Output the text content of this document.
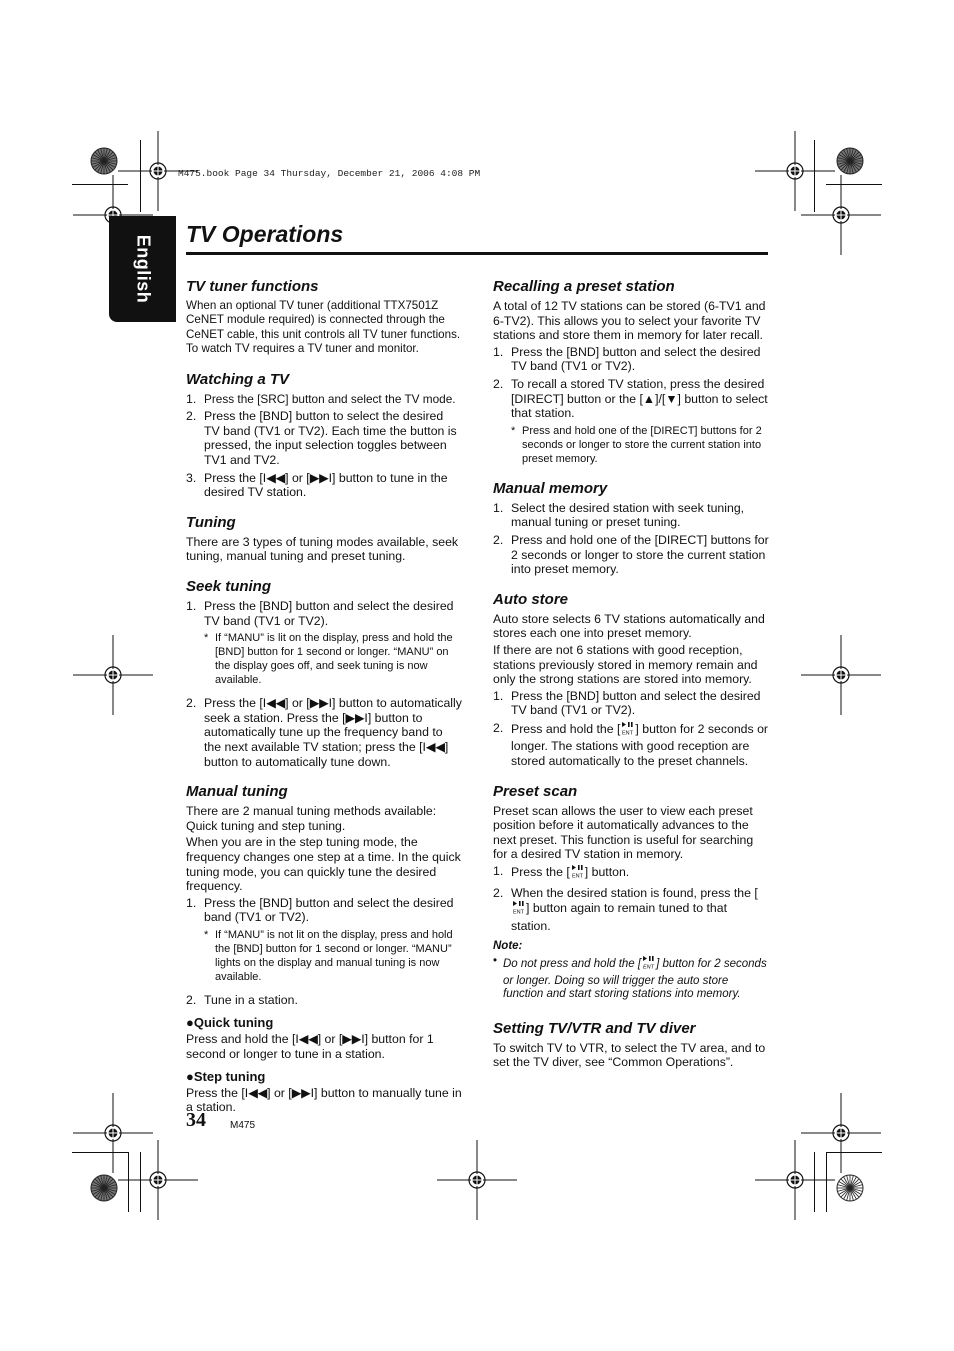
M475.book Page 34 Thursday, December 21, 2006 4:08 PM
English
TV Operations
TV tuner functions

When an optional TV tuner (additional TTX7501Z CeNET module required) is connected through the CeNET cable, this unit controls all TV tuner functions. To watch TV requires a TV tuner and monitor.

Watching a TV
1. Press the [SRC] button and select the TV mode.
2. Press the [BND] button to select the desired TV band (TV1 or TV2). Each time the button is pressed, the input selection toggles between TV1 and TV2.
3. Press the [I◀◀] or [▶▶I] button to tune in the desired TV station.
Tuning

There are 3 types of tuning modes available, seek tuning, manual tuning and preset tuning.

Seek tuning
1. Press the [BND] button and select the desired TV band (TV1 or TV2).
* If “MANU” is lit on the display, press and hold the [BND] button for 1 second or longer. “MANU” on the display goes off, and seek tuning is now available.
2. Press the [I◀◀] or [▶▶I] button to automatically seek a station. Press the [▶▶I] button to automatically tune up the frequency band to the next available TV station; press the [I◀◀] button to automatically tune down.
Manual tuning

There are 2 manual tuning methods available: Quick tuning and step tuning.

When you are in the step tuning mode, the frequency changes one step at a time. In the quick tuning mode, you can quickly tune the desired frequency.

1. Press the [BND] button and select the desired band (TV1 or TV2).
* If “MANU” is not lit on the display, press and hold the [BND] button for 1 second or longer. “MANU” lights on the display and manual tuning is now available.
2. Tune in a station.
●Quick tuning

Press and hold the [I◀◀] or [▶▶I] button for 1 second or longer to tune in a station.

●Step tuning

Press the [I◀◀] or [▶▶I] button to manually tune in a station.

Recalling a preset station

A total of 12 TV stations can be stored (6-TV1 and 6-TV2). This allows you to select your favorite TV stations and store them in memory for later recall.

1. Press the [BND] button and select the desired TV band (TV1 or TV2).
2. To recall a stored TV station, press the desired [DIRECT] button or the [▲]/[▼] button to select that station.
* Press and hold one of the [DIRECT] buttons for 2 seconds or longer to store the current station into preset memory.
Manual memory
1. Select the desired station with seek tuning, manual tuning or preset tuning.
2. Press and hold one of the [DIRECT] buttons for 2 seconds or longer to store the current station into preset memory.
Auto store

Auto store selects 6 TV stations automatically and stores each one into preset memory.

If there are not 6 stations with good reception, stations previously stored in memory remain and only the strong stations are stored into memory.

1. Press the [BND] button and select the desired TV band (TV1 or TV2).
2. Press and hold the [ ENT ] button for 2 seconds or longer. The stations with good reception are stored automatically to the preset channels.
Preset scan

Preset scan allows the user to view each preset position before it automatically advances to the next preset. This function is useful for searching for a desired TV station in memory.

1. Press the [ ENT ] button.
2. When the desired station is found, press the [
ENT ] button again to remain tuned to that station.
Note:
• Do not press and hold the [ ENT ] button for 2 seconds or longer. Doing so will trigger the auto store function and start storing stations into memory.
Setting TV/VTR and TV diver

To switch TV to VTR, to select the TV area, and to set the TV diver, see “Common Operations”.

34 M475
